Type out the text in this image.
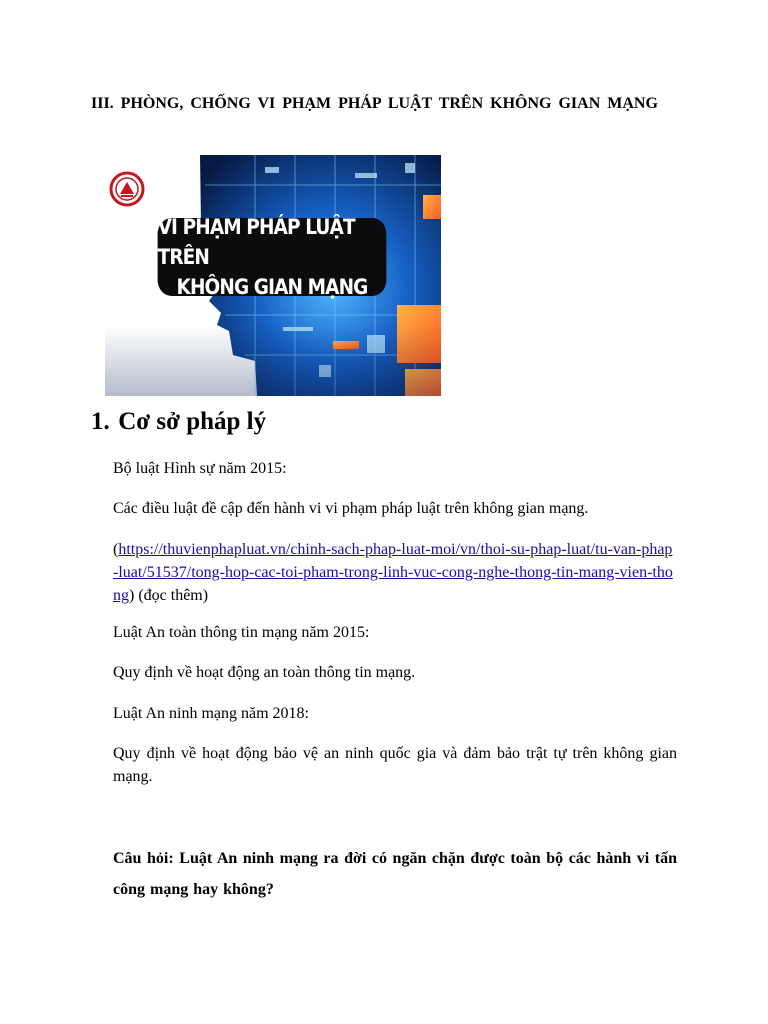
III. PHÒNG, CHỐNG VI PHẠM PHÁP LUẬT TRÊN KHÔNG GIAN MẠNG
VI PHẠM PHÁP LUẬT TRÊN
KHÔNG GIAN MẠNG
1. Cơ sở pháp lý
Bộ luật Hình sự năm 2015:
Các điều luật đề cập đến hành vi vi phạm pháp luật trên không gian mạng.
(https://thuvienphapluat.vn/chinh-sach-phap-luat-moi/vn/thoi-su-phap-luat/tu-van-phap-luat/51537/tong-hop-cac-toi-pham-trong-linh-vuc-cong-nghe-thong-tin-mang-vien-thong) (đọc thêm)
Luật An toàn thông tin mạng năm 2015:
Quy định về hoạt động an toàn thông tin mạng.
Luật An ninh mạng năm 2018:
Quy định về hoạt động bảo vệ an ninh quốc gia và đảm bảo trật tự trên không gian mạng.
Câu hỏi: Luật An ninh mạng ra đời có ngăn chặn được toàn bộ các hành vi tấn công mạng hay không?
